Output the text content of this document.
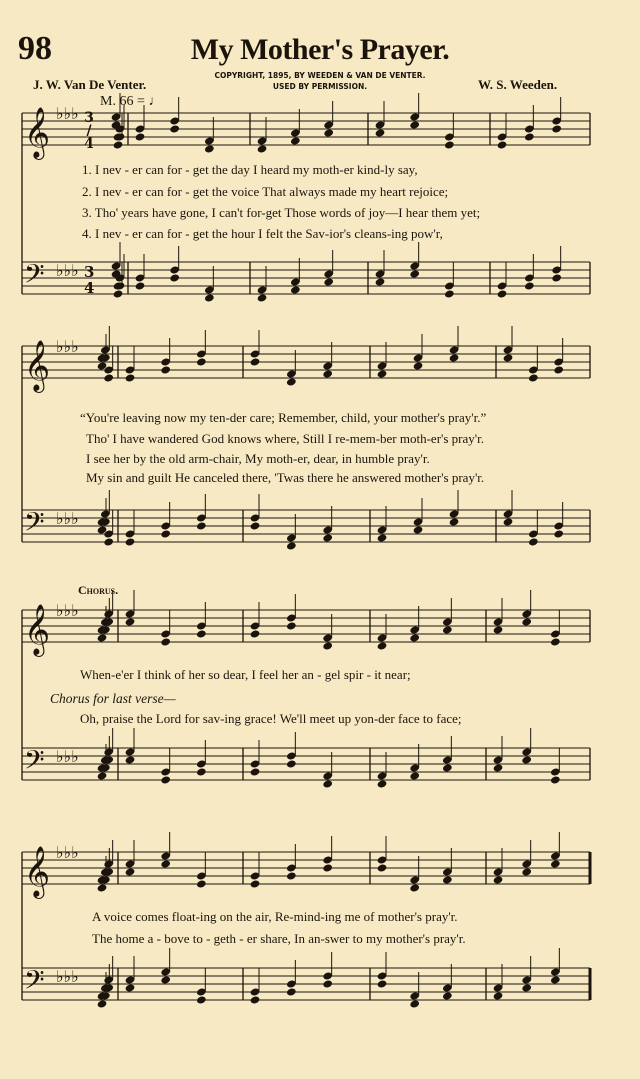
𝄞 ♭♭♭
𝄢 ♭♭♭ 3
4
𝄞 ♭♭♭
𝄢 ♭♭♭
𝄞 ♭♭♭
𝄢 ♭♭♭
𝄞 ♭♭♭
𝄢 ♭♭♭
98	My Mother's Prayer.
COPYRIGHT, 1895, BY WEEDEN & VAN DE VENTER.
USED BY PERMISSION.
J. W. Van De Venter.	W. S. Weeden.
M. 66 = ♩
3/4
1. I nev - er can for - get the day I heard my moth-er kind-ly say,
2. I nev - er can for - get the voice That always made my heart rejoice;
3. Tho' years have gone, I can't for-get Those words of joy—I hear them yet;
4. I nev - er can for - get the hour I felt the Sav-ior's cleans-ing pow'r,
“You're leaving now my ten-der care; Remember, child, your mother's pray'r.”
Tho' I have wandered God knows where, Still I re-mem-ber moth-er's pray'r.
I see her by the old arm-chair, My moth-er, dear, in humble pray'r.
My sin and guilt He canceled there, 'Twas there he answered mother's pray'r.
Chorus.
When-e'er I think of her so dear, I feel her an - gel spir - it near;
Chorus for last verse—
Oh, praise the Lord for sav-ing grace! We'll meet up yon-der face to face;
A voice comes float-ing on the air, Re-mind-ing me of mother's pray'r.
The home a - bove to - geth - er share, In an-swer to my mother's pray'r.
